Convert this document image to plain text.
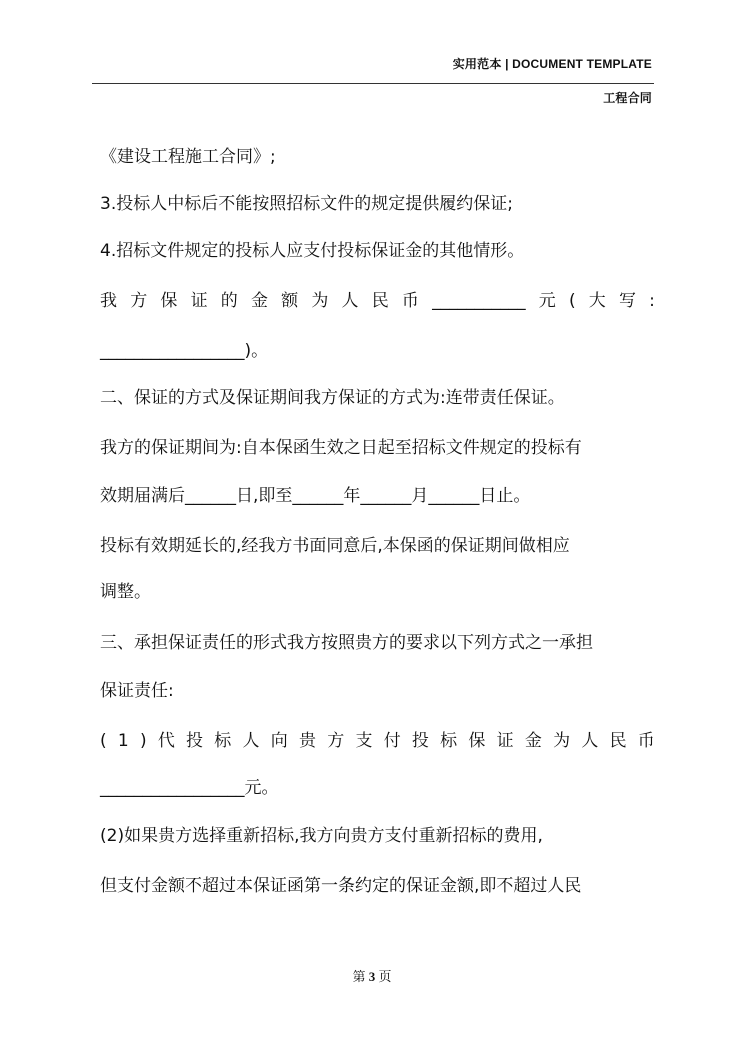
实用范本 | DOCUMENT TEMPLATE
工程合同
《建设工程施工合同》;
3.投标人中标后不能按照招标文件的规定提供履约保证;
4.招标文件规定的投标人应支付投标保证金的其他情形。
我 方 保 证 的 金 额 为 人 民 币 ___________ 元 ( 大 写 :
_________________)。
二、保证的方式及保证期间我方保证的方式为:连带责任保证。
我方的保证期间为:自本保函生效之日起至招标文件规定的投标有
效期届满后______日,即至______年______月______日止。
投标有效期延长的,经我方书面同意后,本保函的保证期间做相应
调整。
三、承担保证责任的形式我方按照贵方的要求以下列方式之一承担
保证责任:
( 1 ) 代 投 标 人 向 贵 方 支 付 投 标 保 证 金 为 人 民 币
_________________元。
(2)如果贵方选择重新招标,我方向贵方支付重新招标的费用,
但支付金额不超过本保证函第一条约定的保证金额,即不超过人民
第 3 页
